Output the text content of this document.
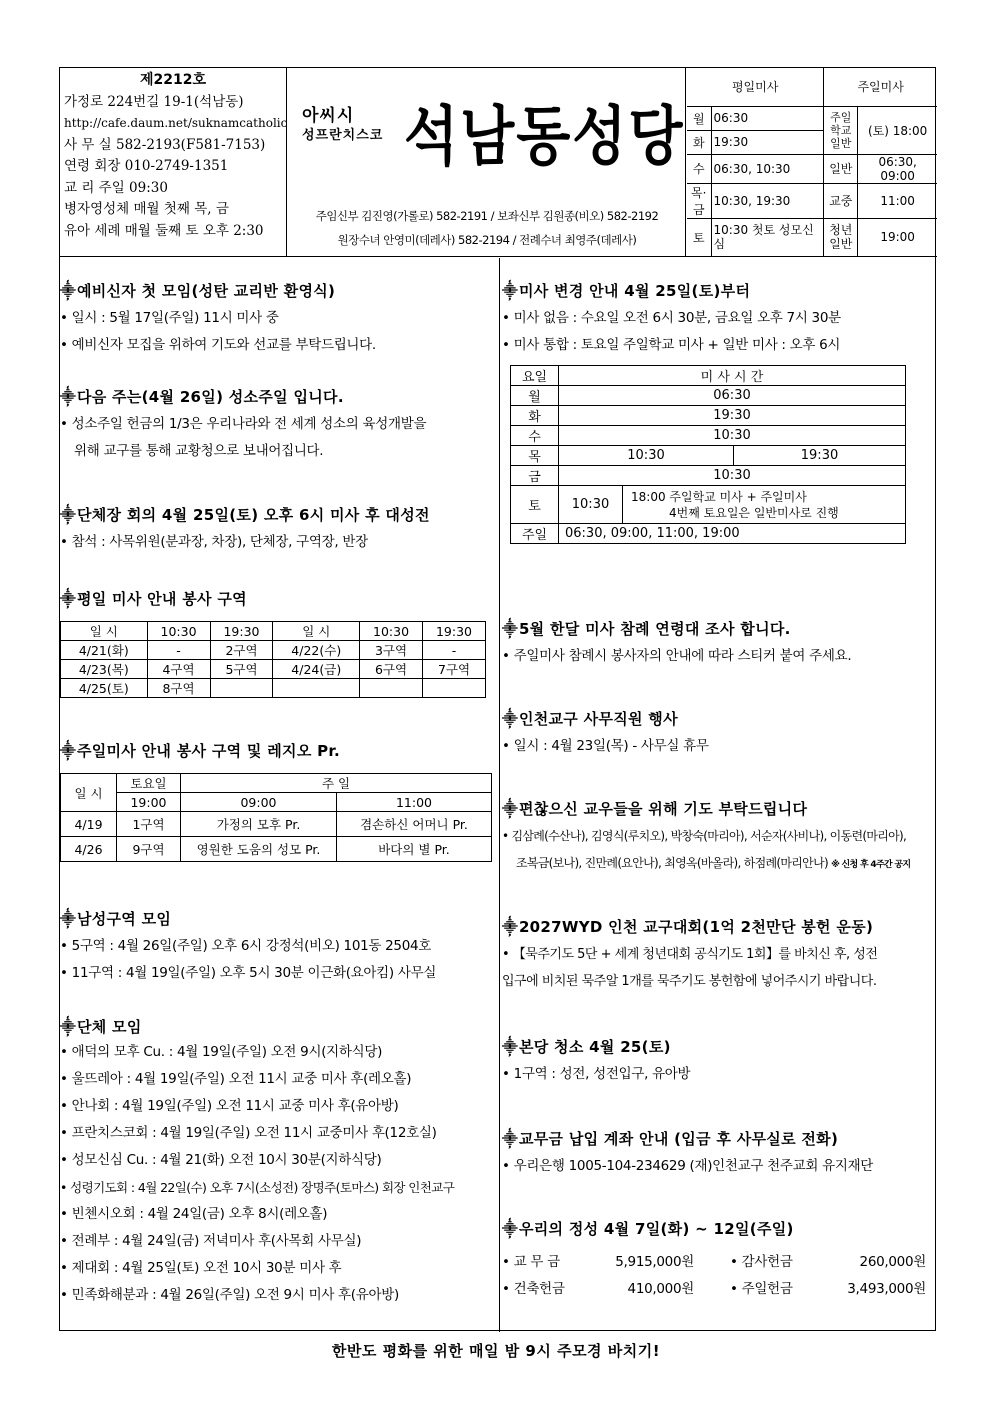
제2212호
가정로 224번길 19-1(석남동)
http://cafe.daum.net/suknamcatholic
사 무 실 582-2193(F581-7153)
연령 회장 010-2749-1351
교 리 주일 09:30
병자영성체 매월 첫째 목, 금
유아 세례 매월 둘째 토 오후 2:30
아씨시
성프란치스코 석남동성당
주임신부 김진영(가롤로) 582-2191 / 보좌신부 김원종(비오) 582-2192
원장수녀 안영미(데레사) 582-2194 / 전례수녀 최영주(데레사)
평일미사		주일미사	
월	06:30	주일학교 일반	(토) 18:00
화	19:30		
수	06:30, 10:30	일반	06:30, 09:00
목·금	10:30, 19:30	교중	11:00
토	10:30 첫토 성모신심	청년 일반	19:00
⸎예비신자 첫 모임(성탄 교리반 환영식)
• 일시 : 5월 17일(주일) 11시 미사 중
• 예비신자 모집을 위하여 기도와 선교를 부탁드립니다.
⸎다음 주는(4월 26일) 성소주일 입니다.
• 성소주일 헌금의 1/3은 우리나라와 전 세계 성소의 육성개발을
위해 교구를 통해 교황청으로 보내어집니다.
⸎단체장 회의 4월 25일(토) 오후 6시 미사 후 대성전
• 참석 : 사목위원(분과장, 차장), 단체장, 구역장, 반장
⸎평일 미사 안내 봉사 구역
일 시	10:30	19:30	일 시	10:30	19:30
4/21(화)	-	2구역	4/22(수)	3구역	-
4/23(목)	4구역	5구역	4/24(금)	6구역	7구역
4/25(토)	8구역				
⸎주일미사 안내 봉사 구역 및 레지오 Pr.
일 시	토요일	주 일	
	19:00	09:00	11:00
4/19	1구역	가정의 모후 Pr.	겸손하신 어머니 Pr.
4/26	9구역	영원한 도움의 성모 Pr.	바다의 별 Pr.
⸎남성구역 모임
• 5구역 : 4월 26일(주일) 오후 6시 강정석(비오) 101동 2504호
• 11구역 : 4월 19일(주일) 오후 5시 30분 이근화(요아킴) 사무실
⸎단체 모임
• 애덕의 모후 Cu. : 4월 19일(주일) 오전 9시(지하식당)
• 울뜨레아 : 4월 19일(주일) 오전 11시 교중 미사 후(레오홀)
• 안나회 : 4월 19일(주일) 오전 11시 교중 미사 후(유아방)
• 프란치스코회 : 4월 19일(주일) 오전 11시 교중미사 후(12호실)
• 성모신심 Cu. : 4월 21(화) 오전 10시 30분(지하식당)
• 성령기도회 : 4월 22일(수) 오후 7시(소성전) 장명주(토마스) 회장 인천교구
• 빈첸시오회 : 4월 24일(금) 오후 8시(레오홀)
• 전례부 : 4월 24일(금) 저녁미사 후(사목회 사무실)
• 제대회 : 4월 25일(토) 오전 10시 30분 미사 후
• 민족화해분과 : 4월 26일(주일) 오전 9시 미사 후(유아방)
⸎미사 변경 안내 4월 25일(토)부터
• 미사 없음 : 수요일 오전 6시 30분, 금요일 오후 7시 30분
• 미사 통합 : 토요일 주일학교 미사 + 일반 미사 : 오후 6시
요일	미 사 시 간		
월	06:30		
화	19:30		
수	10:30		
목	10:30		19:30
금	10:30		
토	10:30	18:00 주일학교 미사 + 주일미사
4번째 토요일은 일반미사로 진행	

주일	06:30, 09:00, 11:00, 19:00		
⸎5월 한달 미사 참례 연령대 조사 합니다.
• 주일미사 참례시 봉사자의 안내에 따라 스티커 붙여 주세요.
⸎인천교구 사무직원 행사
• 일시 : 4월 23일(목) - 사무실 휴무
⸎편찮으신 교우들을 위해 기도 부탁드립니다
• 김삼례(수산나), 김영식(루치오), 박창숙(마리아), 서순자(사비나), 이동련(마리아),
조복금(보나), 진만례(요안나), 최영옥(바올라), 하점례(마리안나) ※ 신청 후 4주간 공지
⸎2027WYD 인천 교구대회(1억 2천만단 봉헌 운동)
• 【묵주기도 5단 + 세계 청년대회 공식기도 1회】를 바치신 후, 성전
입구에 비치된 묵주알 1개를 묵주기도 봉헌함에 넣어주시기 바랍니다.
⸎본당 청소 4월 25(토)
• 1구역 : 성전, 성전입구, 유아방
⸎교무금 납입 계좌 안내 (입금 후 사무실로 전화)
• 우리은행 1005-104-234629 (재)인천교구 천주교회 유지재단
⸎우리의 정성 4월 7일(화) ~ 12일(주일)
• 교 무 금	5,915,000원	• 감사헌금	260,000원
• 건축헌금	410,000원	• 주일헌금	3,493,000원
한반도 평화를 위한 매일 밤 9시 주모경 바치기!
